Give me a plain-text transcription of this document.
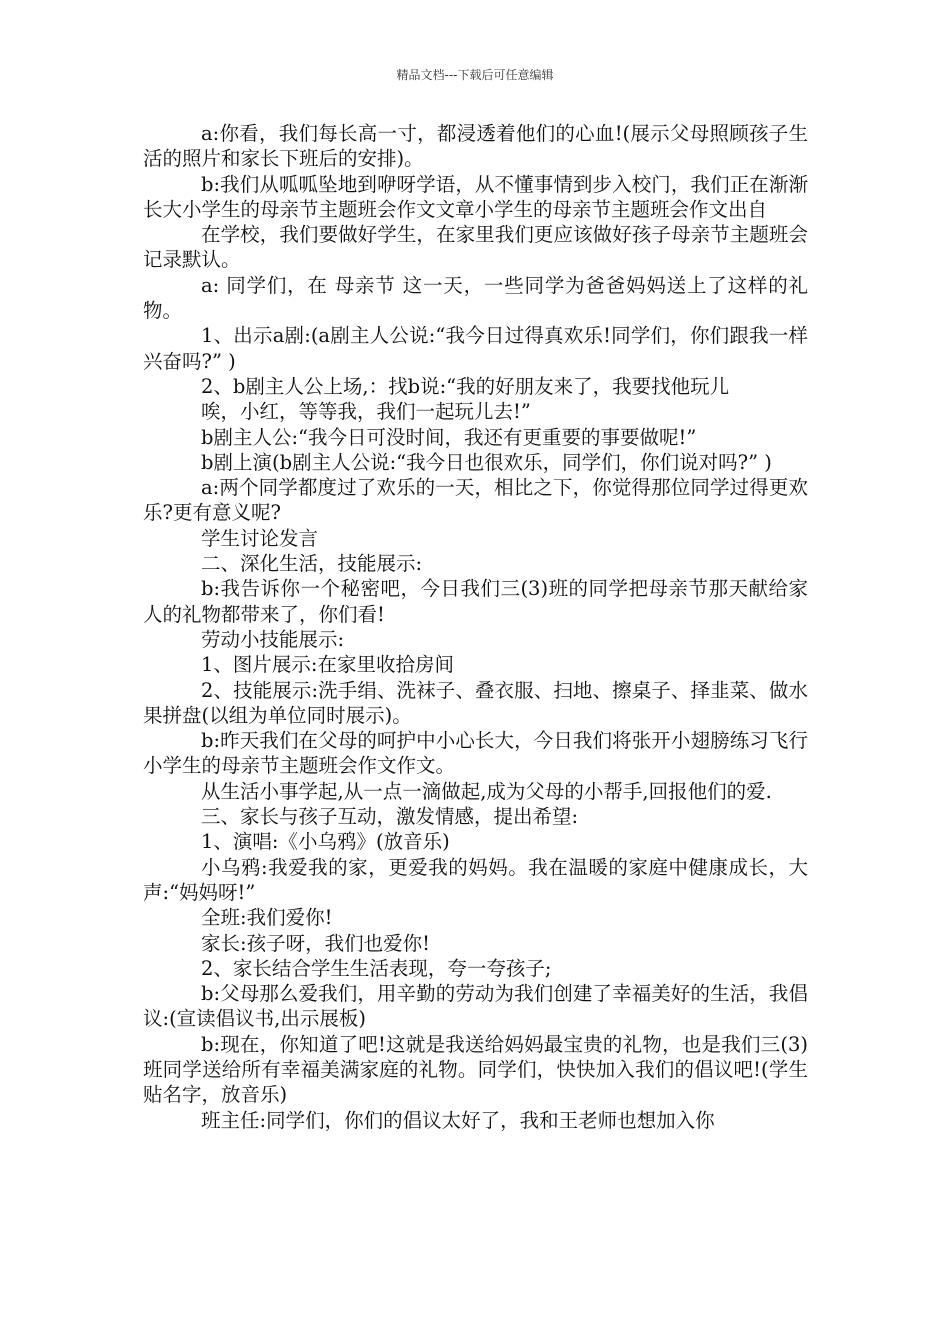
精品文档---下载后可任意编辑

a:你看，我们每长高一寸，都浸透着他们的心血!(展示父母照顾孩子生活的照片和家长下班后的安排)。

b:我们从呱呱坠地到咿呀学语，从不懂事情到步入校门，我们正在渐渐长大小学生的母亲节主题班会作文文章小学生的母亲节主题班会作文出自

在学校，我们要做好学生，在家里我们更应该做好孩子母亲节主题班会记录默认。

a: 同学们，在 母亲节 这一天，一些同学为爸爸妈妈送上了这样的礼物。

1、出示a剧:(a剧主人公说:“我今日过得真欢乐!同学们，你们跟我一样兴奋吗?” )

2、b剧主人公上场,：找b说:“我的好朋友来了，我要找他玩儿

唉，小红，等等我，我们一起玩儿去!”

b剧主人公:“我今日可没时间，我还有更重要的事要做呢!”

b剧上演(b剧主人公说:“我今日也很欢乐，同学们，你们说对吗?” )

a:两个同学都度过了欢乐的一天，相比之下，你觉得那位同学过得更欢乐?更有意义呢?

学生讨论发言

二、深化生活，技能展示:

b:我告诉你一个秘密吧，今日我们三(3)班的同学把母亲节那天献给家人的礼物都带来了，你们看!

劳动小技能展示:

1、图片展示:在家里收拾房间

2、技能展示:洗手绢、洗袜子、叠衣服、扫地、擦桌子、择韭菜、做水果拼盘(以组为单位同时展示)。

b:昨天我们在父母的呵护中小心长大，今日我们将张开小翅膀练习飞行小学生的母亲节主题班会作文作文。

从生活小事学起,从一点一滴做起,成为父母的小帮手,回报他们的爱.

三、家长与孩子互动，激发情感，提出希望:

1、演唱:《小乌鸦》(放音乐)

小乌鸦:我爱我的家，更爱我的妈妈。我在温暖的家庭中健康成长，大声:“妈妈呀!”

全班:我们爱你!

家长:孩子呀，我们也爱你!

2、家长结合学生生活表现，夸一夸孩子;

b:父母那么爱我们，用辛勤的劳动为我们创建了幸福美好的生活，我倡议:(宣读倡议书,出示展板)

b:现在，你知道了吧!这就是我送给妈妈最宝贵的礼物，也是我们三(3)班同学送给所有幸福美满家庭的礼物。同学们，快快加入我们的倡议吧!(学生贴名字，放音乐)

班主任:同学们，你们的倡议太好了，我和王老师也想加入你
